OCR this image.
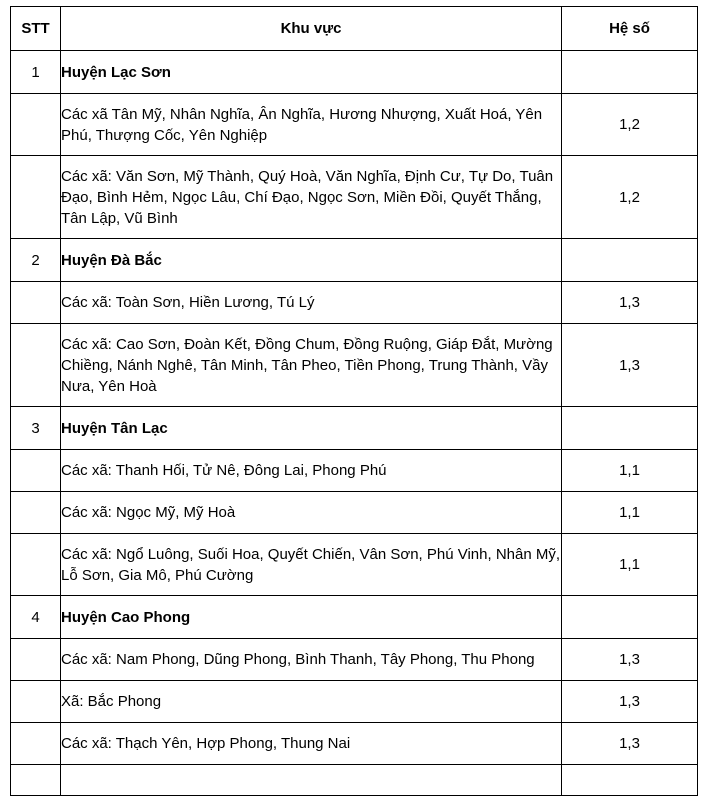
STT	Khu vực	Hệ số
1	Huyện Lạc Sơn	
	Các xã Tân Mỹ, Nhân Nghĩa, Ân Nghĩa, Hương Nhượng, Xuất Hoá, Yên Phú, Thượng Cốc, Yên Nghiệp	1,2
	Các xã: Văn Sơn, Mỹ Thành, Quý Hoà, Văn Nghĩa, Định Cư, Tự Do, Tuân Đạo, Bình Hẻm, Ngọc Lâu, Chí Đạo, Ngọc Sơn, Miền Đồi, Quyết Thắng, Tân Lập, Vũ Bình	1,2
2	Huyện Đà Bắc	
	Các xã: Toàn Sơn, Hiền Lương, Tú Lý	1,3
	Các xã: Cao Sơn, Đoàn Kết, Đồng Chum, Đồng Ruộng, Giáp Đắt, Mường Chiềng, Nánh Nghê, Tân Minh, Tân Pheo, Tiền Phong, Trung Thành, Vầy Nưa, Yên Hoà	1,3
3	Huyện Tân Lạc	
	Các xã: Thanh Hối, Tử Nê, Đông Lai, Phong Phú	1,1
	Các xã: Ngọc Mỹ, Mỹ Hoà	1,1
	Các xã: Ngổ Luông, Suối Hoa, Quyết Chiến, Vân Sơn, Phú Vinh, Nhân Mỹ, Lỗ Sơn, Gia Mô, Phú Cường	1,1
4	Huyện Cao Phong	
	Các xã: Nam Phong, Dũng Phong, Bình Thanh, Tây Phong, Thu Phong	1,3
	Xã: Bắc Phong	1,3
	Các xã: Thạch Yên, Hợp Phong, Thung Nai	1,3
